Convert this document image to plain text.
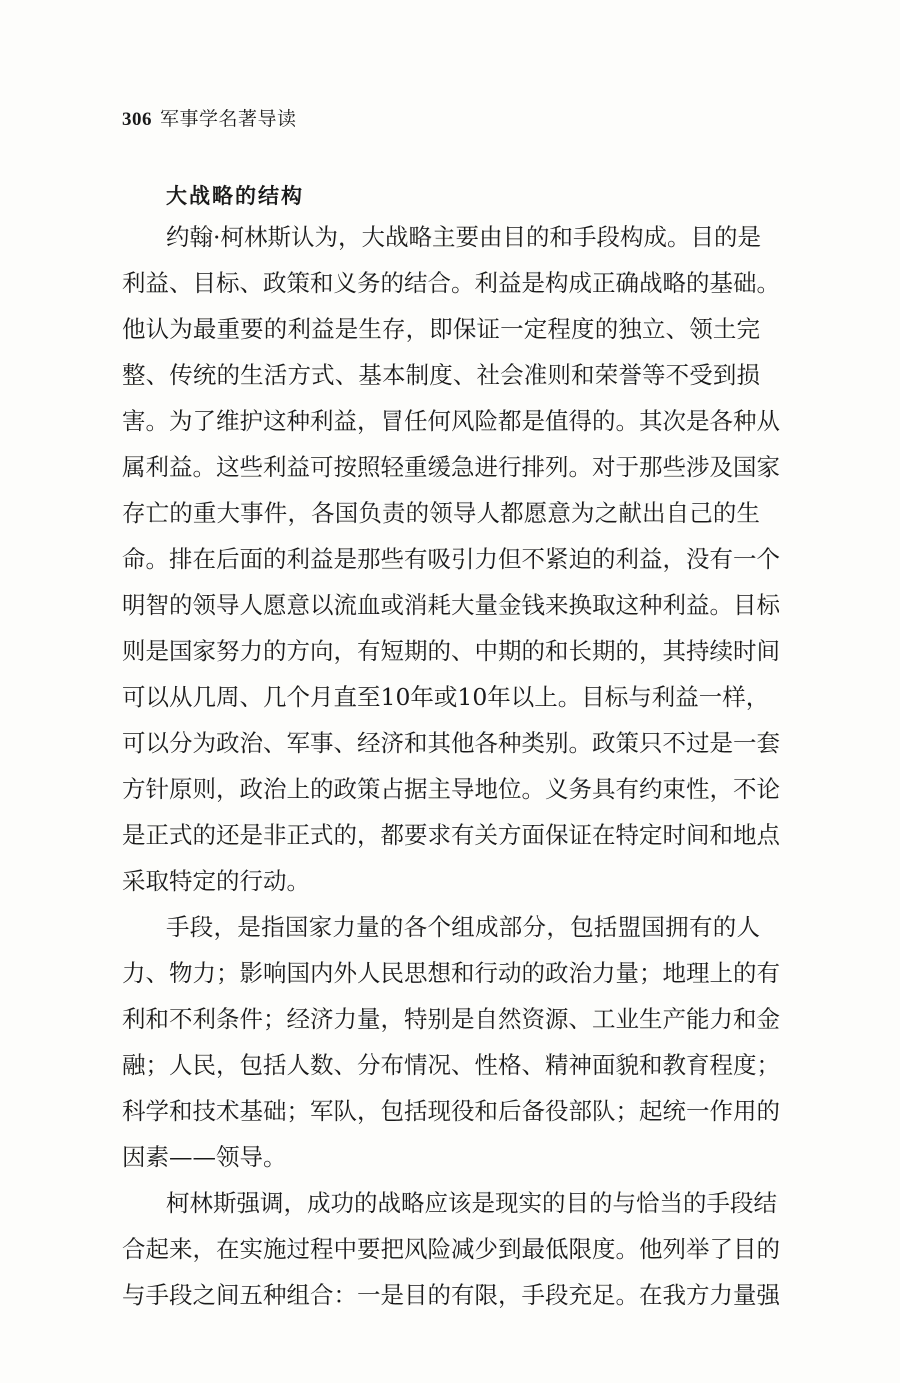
306 军事学名著导读
大战略的结构
约翰·柯林斯认为，大战略主要由目的和手段构成。目的是
利益、目标、政策和义务的结合。利益是构成正确战略的基础。
他认为最重要的利益是生存，即保证一定程度的独立、领土完
整、传统的生活方式、基本制度、社会准则和荣誉等不受到损
害。为了维护这种利益，冒任何风险都是值得的。其次是各种从
属利益。这些利益可按照轻重缓急进行排列。对于那些涉及国家
存亡的重大事件，各国负责的领导人都愿意为之献出自己的生
命。排在后面的利益是那些有吸引力但不紧迫的利益，没有一个
明智的领导人愿意以流血或消耗大量金钱来换取这种利益。目标
则是国家努力的方向，有短期的、中期的和长期的，其持续时间
可以从几周、几个月直至10年或10年以上。目标与利益一样，
可以分为政治、军事、经济和其他各种类别。政策只不过是一套
方针原则，政治上的政策占据主导地位。义务具有约束性，不论
是正式的还是非正式的，都要求有关方面保证在特定时间和地点
采取特定的行动。
手段，是指国家力量的各个组成部分，包括盟国拥有的人
力、物力；影响国内外人民思想和行动的政治力量；地理上的有
利和不利条件；经济力量，特别是自然资源、工业生产能力和金
融；人民，包括人数、分布情况、性格、精神面貌和教育程度；
科学和技术基础；军队，包括现役和后备役部队；起统一作用的
因素——领导。
柯林斯强调，成功的战略应该是现实的目的与恰当的手段结
合起来，在实施过程中要把风险减少到最低限度。他列举了目的
与手段之间五种组合：一是目的有限，手段充足。在我方力量强
